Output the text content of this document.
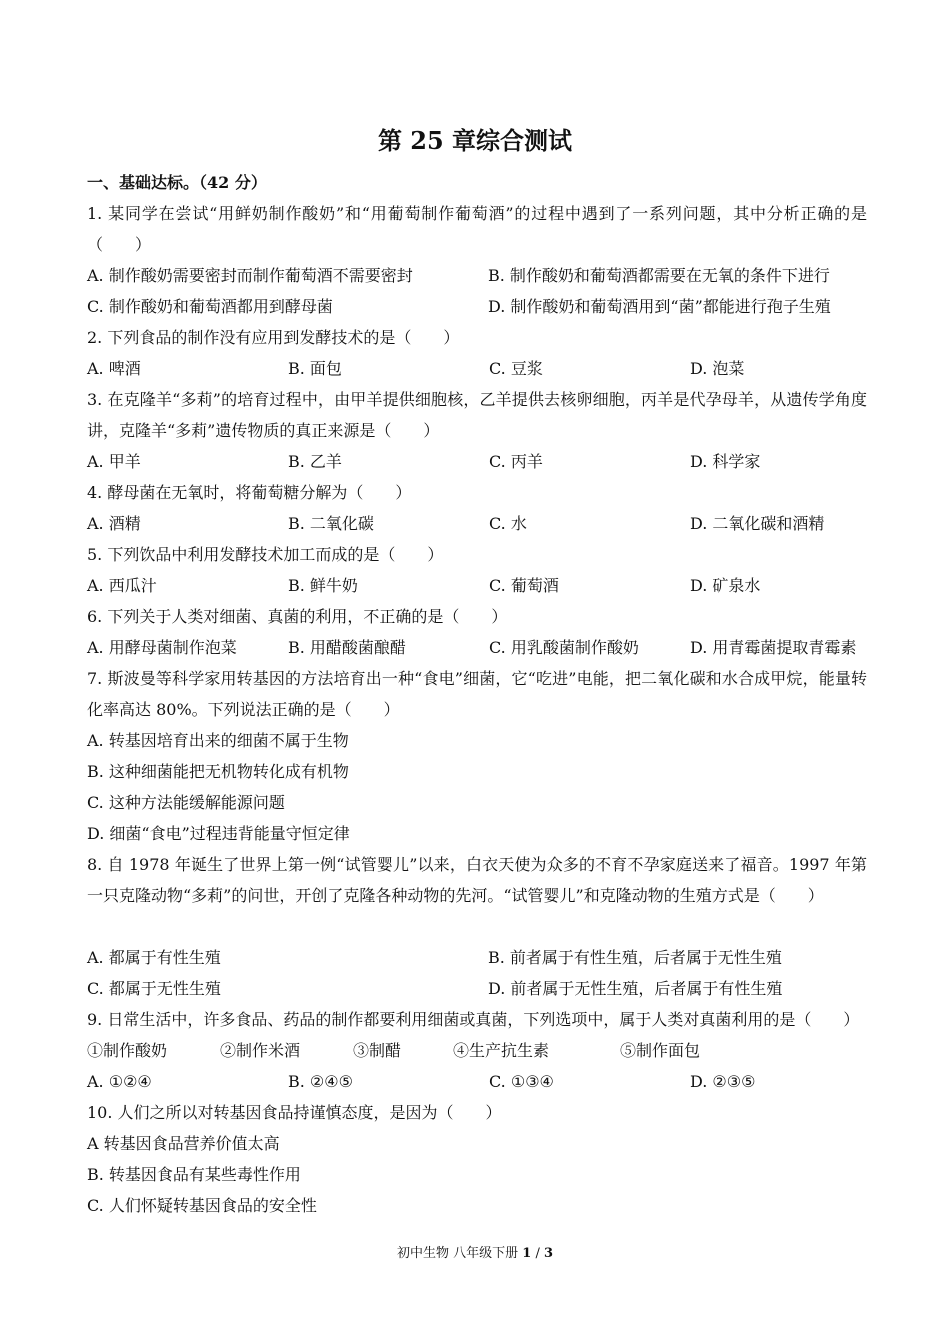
第 25 章综合测试
一、基础达标。（42 分）
1. 某同学在尝试“用鲜奶制作酸奶”和“用葡萄制作葡萄酒”的过程中遇到了一系列问题，其中分析正确的是（　　）
A. 制作酸奶需要密封而制作葡萄酒不需要密封	B. 制作酸奶和葡萄酒都需要在无氧的条件下进行
C. 制作酸奶和葡萄酒都用到酵母菌	D. 制作酸奶和葡萄酒用到“菌”都能进行孢子生殖
2. 下列食品的制作没有应用到发酵技术的是（　　）
A. 啤酒	B. 面包	C. 豆浆	D. 泡菜
3. 在克隆羊“多莉”的培育过程中，由甲羊提供细胞核，乙羊提供去核卵细胞，丙羊是代孕母羊，从遗传学角度讲，克隆羊“多莉”遗传物质的真正来源是（　　）
A. 甲羊	B. 乙羊	C. 丙羊	D. 科学家
4. 酵母菌在无氧时，将葡萄糖分解为（　　）
A. 酒精	B. 二氧化碳	C. 水	D. 二氧化碳和酒精
5. 下列饮品中利用发酵技术加工而成的是（　　）
A. 西瓜汁	B. 鲜牛奶	C. 葡萄酒	D. 矿泉水
6. 下列关于人类对细菌、真菌的利用，不正确的是（　　）
A. 用酵母菌制作泡菜	B. 用醋酸菌酿醋	C. 用乳酸菌制作酸奶	D. 用青霉菌提取青霉素
7. 斯波曼等科学家用转基因的方法培育出一种“食电”细菌，它“吃进”电能，把二氧化碳和水合成甲烷，能量转化率高达 80%。下列说法正确的是（　　）
A. 转基因培育出来的细菌不属于生物
B. 这种细菌能把无机物转化成有机物
C. 这种方法能缓解能源问题
D. 细菌“食电”过程违背能量守恒定律
8. 自 1978 年诞生了世界上第一例“试管婴儿”以来，白衣天使为众多的不育不孕家庭送来了福音。1997 年第一只克隆动物“多莉”的问世，开创了克隆各种动物的先河。“试管婴儿”和克隆动物的生殖方式是（　　）
A. 都属于有性生殖	B. 前者属于有性生殖，后者属于无性生殖
C. 都属于无性生殖	D. 前者属于无性生殖，后者属于有性生殖
9. 日常生活中，许多食品、药品的制作都要利用细菌或真菌，下列选项中，属于人类对真菌利用的是（　　）
①制作酸奶	②制作米酒	③制醋	④生产抗生素	⑤制作面包
A. ①②④	B. ②④⑤	C. ①③④	D. ②③⑤
10. 人们之所以对转基因食品持谨慎态度，是因为（　　）
A 转基因食品营养价值太高
B. 转基因食品有某些毒性作用
C. 人们怀疑转基因食品的安全性
初中生物 八年级下册 1 / 3
